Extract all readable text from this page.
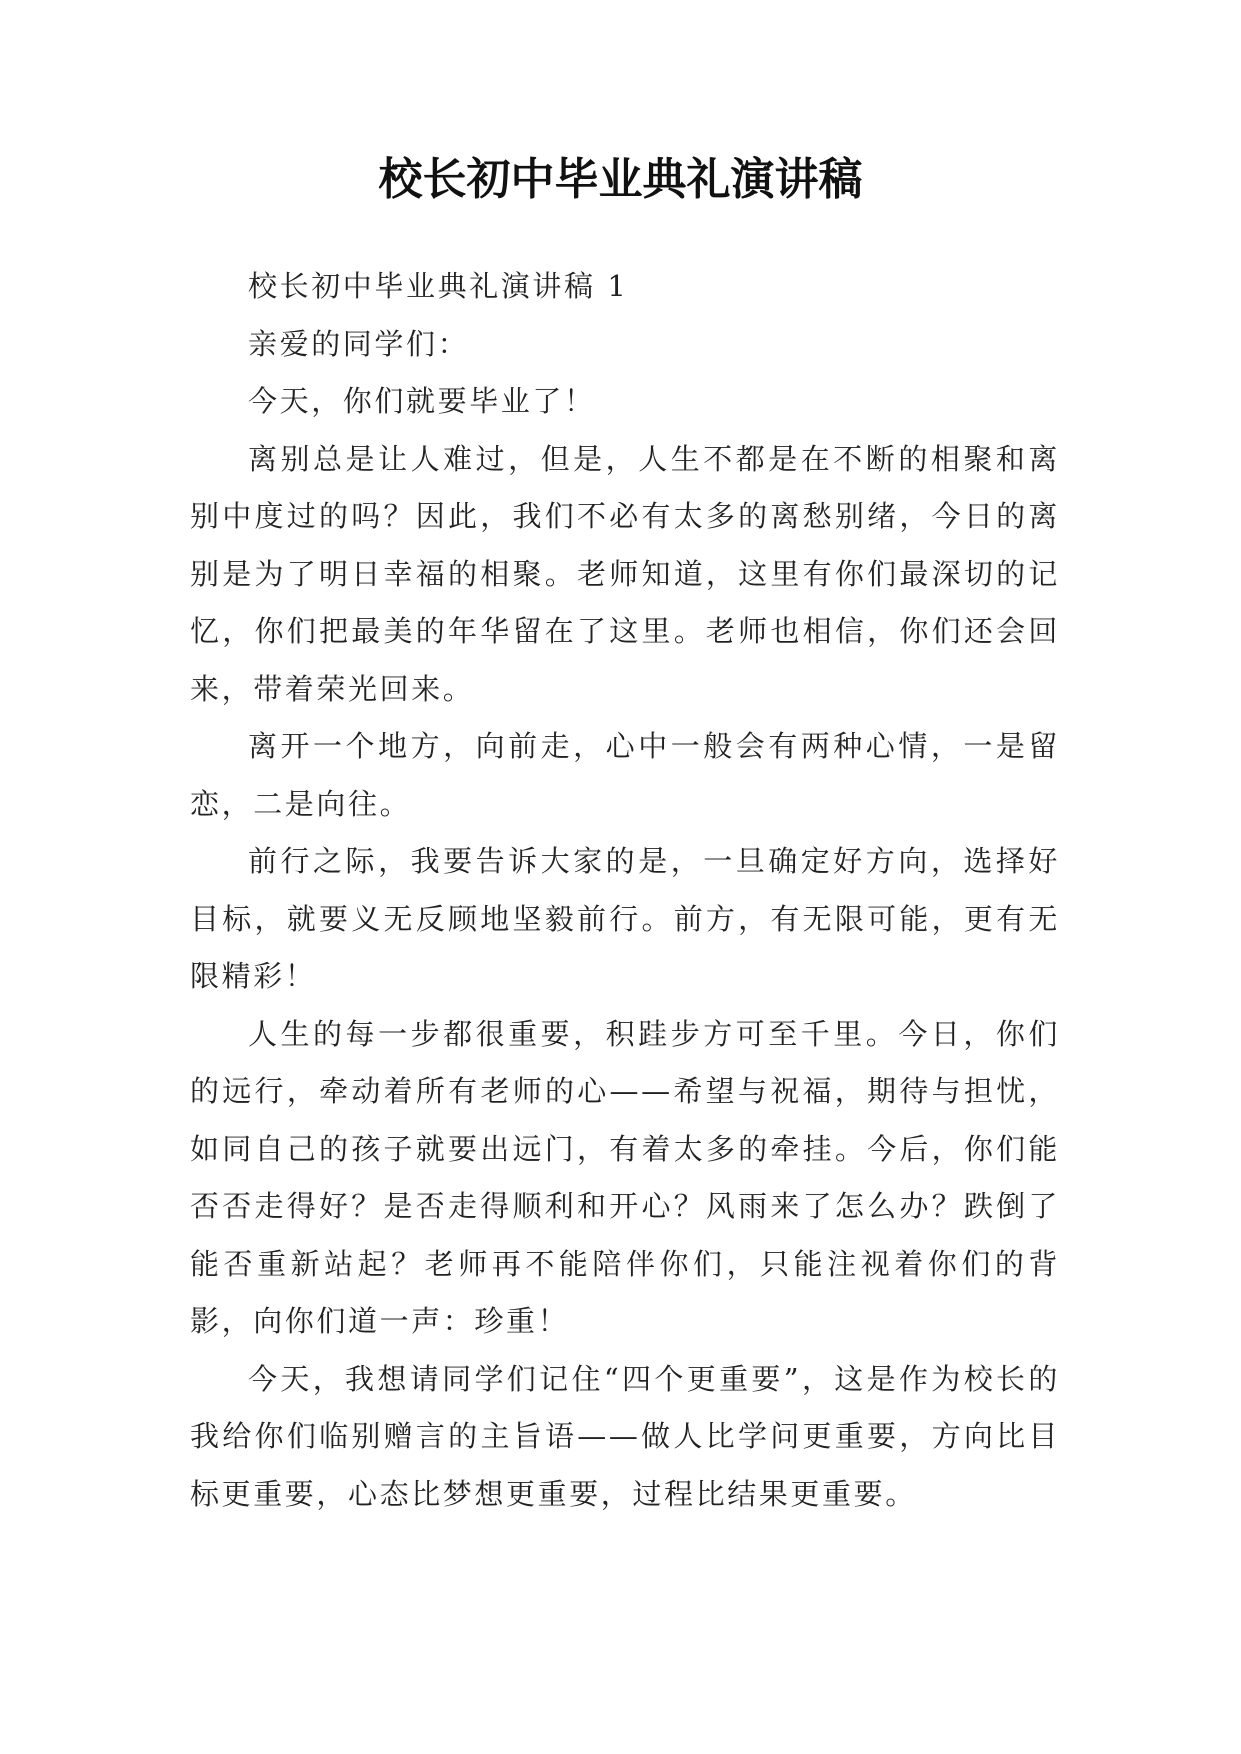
校长初中毕业典礼演讲稿

校长初中毕业典礼演讲稿 1

亲爱的同学们：

今天，你们就要毕业了！

离别总是让人难过，但是，人生不都是在不断的相聚和离别中度过的吗？因此，我们不必有太多的离愁别绪，今日的离别是为了明日幸福的相聚。老师知道，这里有你们最深切的记忆，你们把最美的年华留在了这里。老师也相信，你们还会回来，带着荣光回来。

离开一个地方，向前走，心中一般会有两种心情，一是留恋，二是向往。

前行之际，我要告诉大家的是，一旦确定好方向，选择好目标，就要义无反顾地坚毅前行。前方，有无限可能，更有无限精彩！

人生的每一步都很重要，积跬步方可至千里。今日，你们的远行，牵动着所有老师的心——希望与祝福，期待与担忧，如同自己的孩子就要出远门，有着太多的牵挂。今后，你们能否否走得好？是否走得顺利和开心？风雨来了怎么办？跌倒了能否重新站起？老师再不能陪伴你们，只能注视着你们的背影，向你们道一声：珍重！

今天，我想请同学们记住“四个更重要”，这是作为校长的我给你们临别赠言的主旨语——做人比学问更重要，方向比目标更重要，心态比梦想更重要，过程比结果更重要。
